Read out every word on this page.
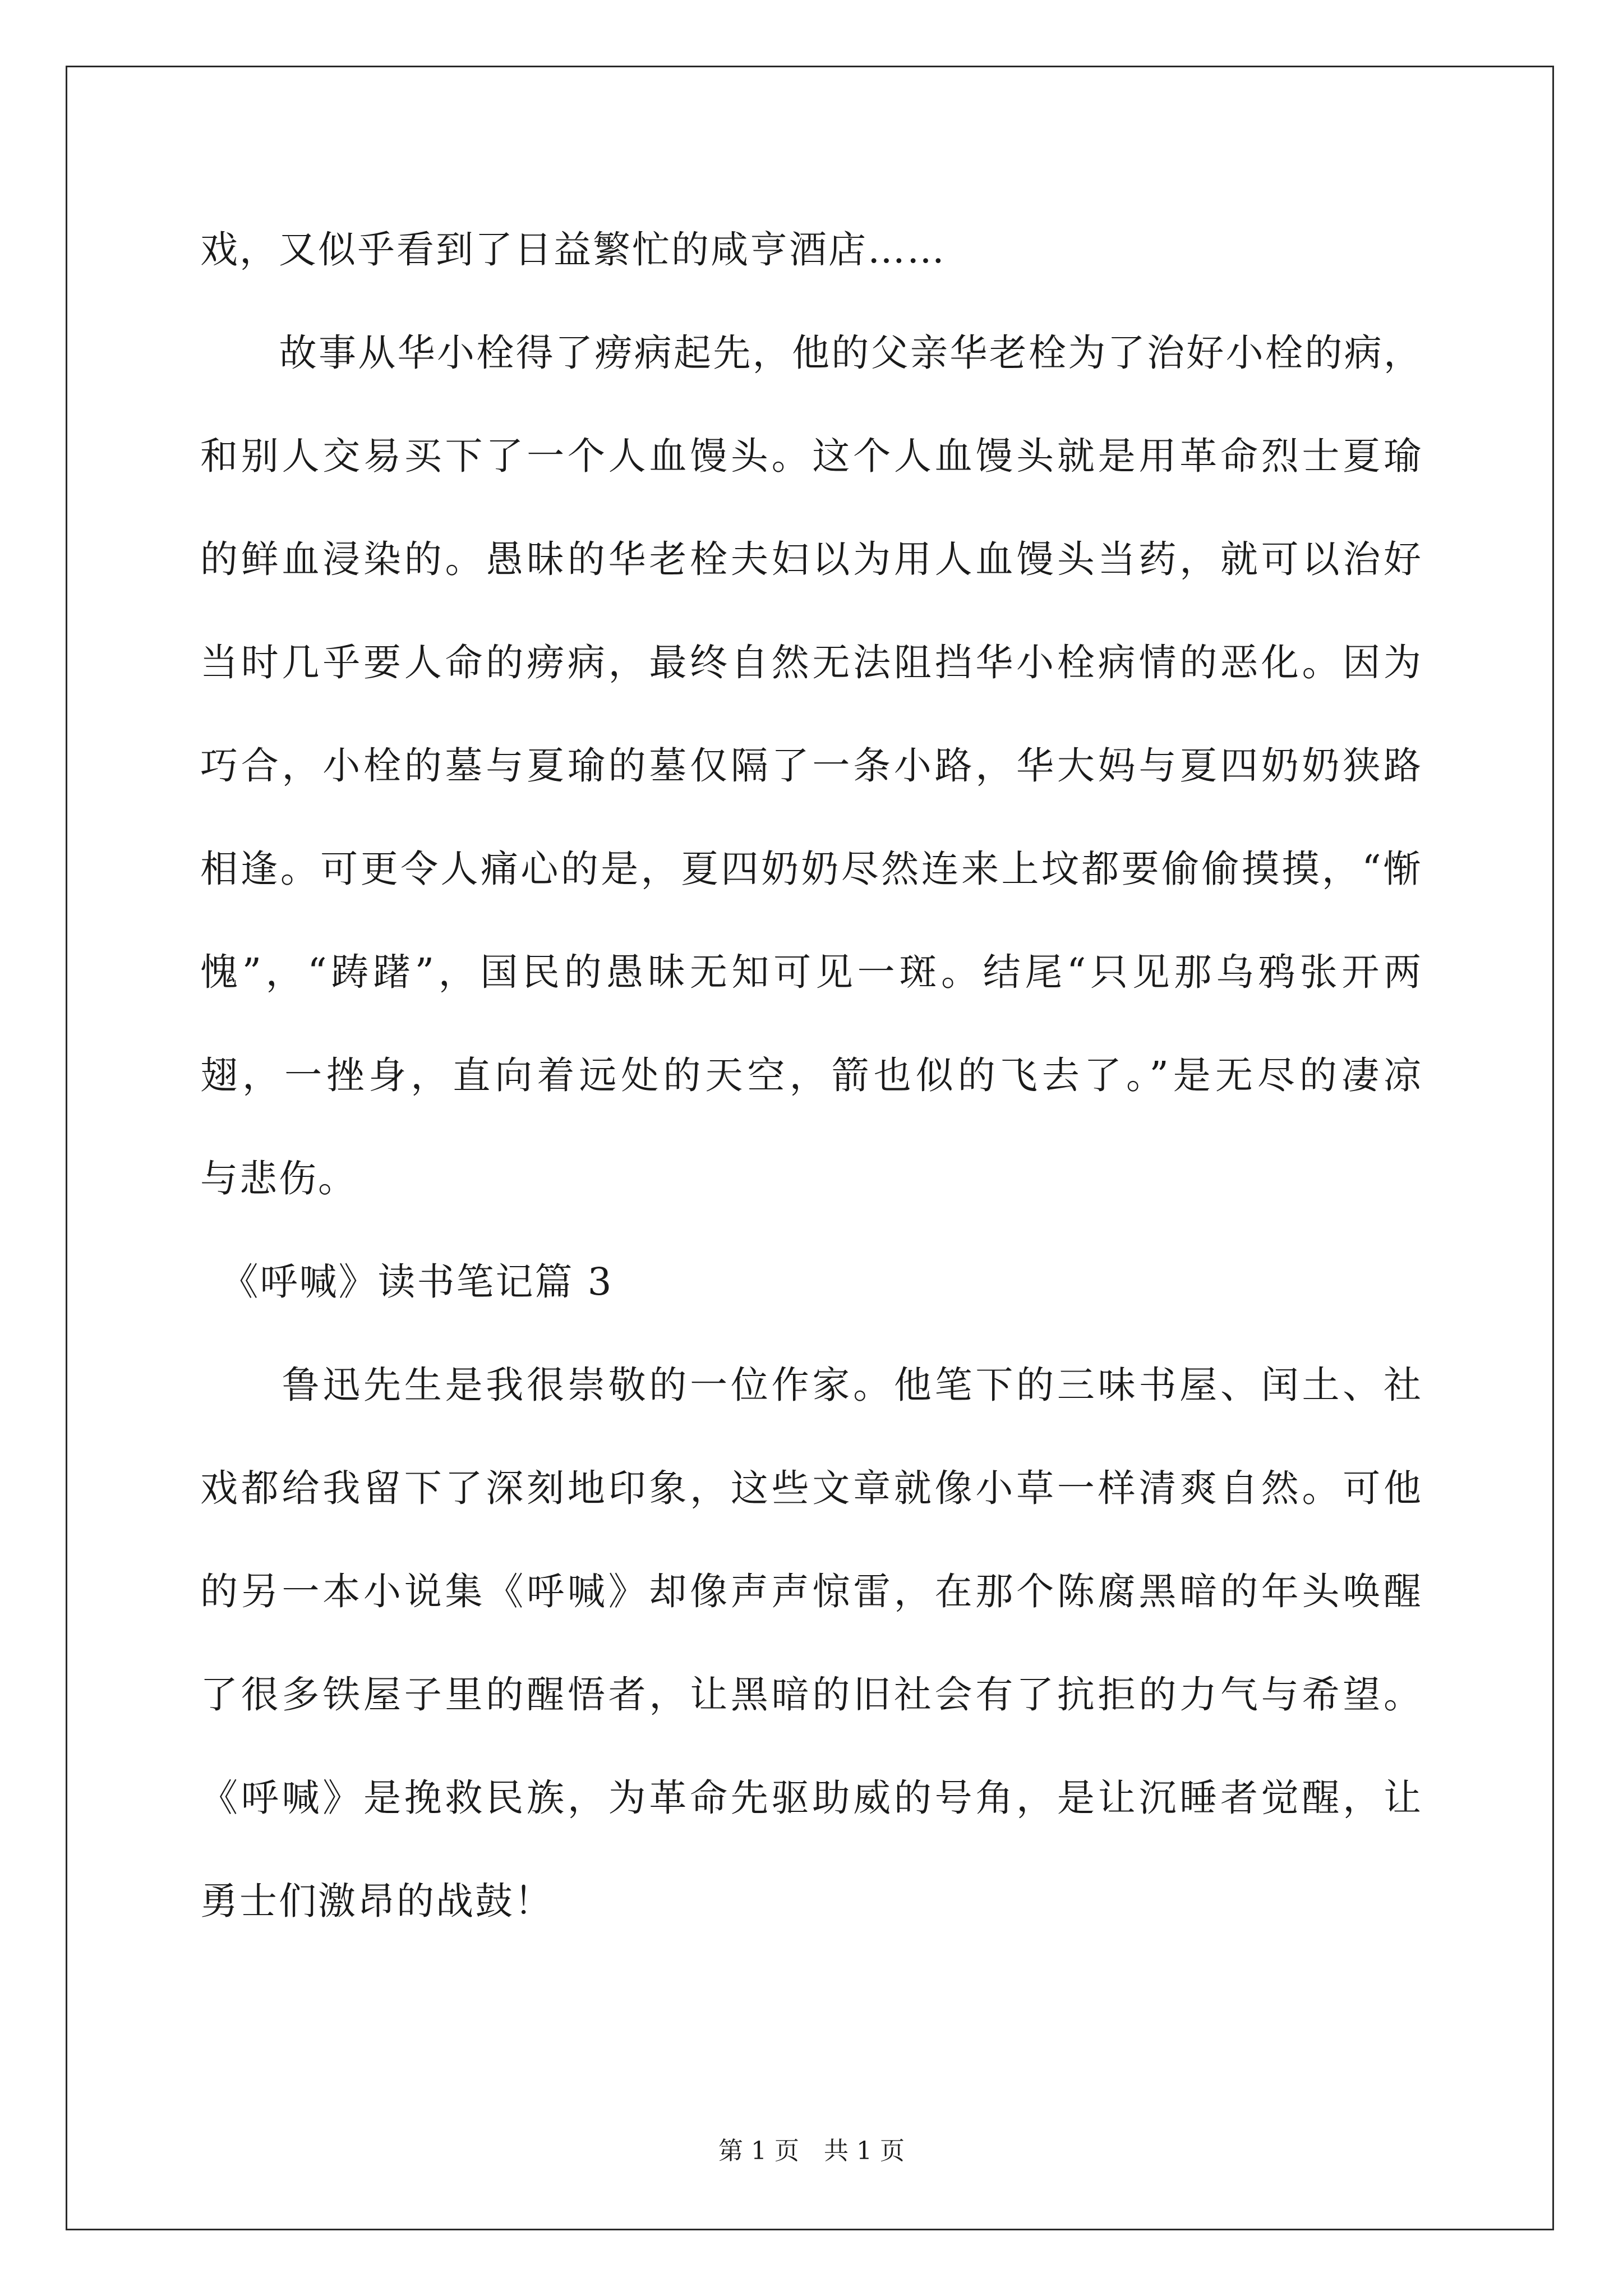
戏，又似乎看到了日益繁忙的咸亨酒店……
　　故事从华小栓得了痨病起先，他的父亲华老栓为了治好小栓的病，
和别人交易买下了一个人血馒头。这个人血馒头就是用革命烈士夏瑜
的鲜血浸染的。愚昧的华老栓夫妇以为用人血馒头当药，就可以治好
当时几乎要人命的痨病，最终自然无法阻挡华小栓病情的恶化。因为
巧合，小栓的墓与夏瑜的墓仅隔了一条小路，华大妈与夏四奶奶狭路
相逢。可更令人痛心的是，夏四奶奶尽然连来上坟都要偷偷摸摸，“惭
愧”，“踌躇”，国民的愚昧无知可见一斑。结尾“只见那乌鸦张开两
翅，一挫身，直向着远处的天空，箭也似的飞去了。”是无尽的凄凉
与悲伤。
　《呼喊》读书笔记篇 3
　　鲁迅先生是我很崇敬的一位作家。他笔下的三味书屋、闰土、社
戏都给我留下了深刻地印象，这些文章就像小草一样清爽自然。可他
的另一本小说集《呼喊》却像声声惊雷，在那个陈腐黑暗的年头唤醒
了很多铁屋子里的醒悟者，让黑暗的旧社会有了抗拒的力气与希望。
《呼喊》是挽救民族，为革命先驱助威的号角，是让沉睡者觉醒，让
勇士们激昂的战鼓！
第 1 页　共 1 页
